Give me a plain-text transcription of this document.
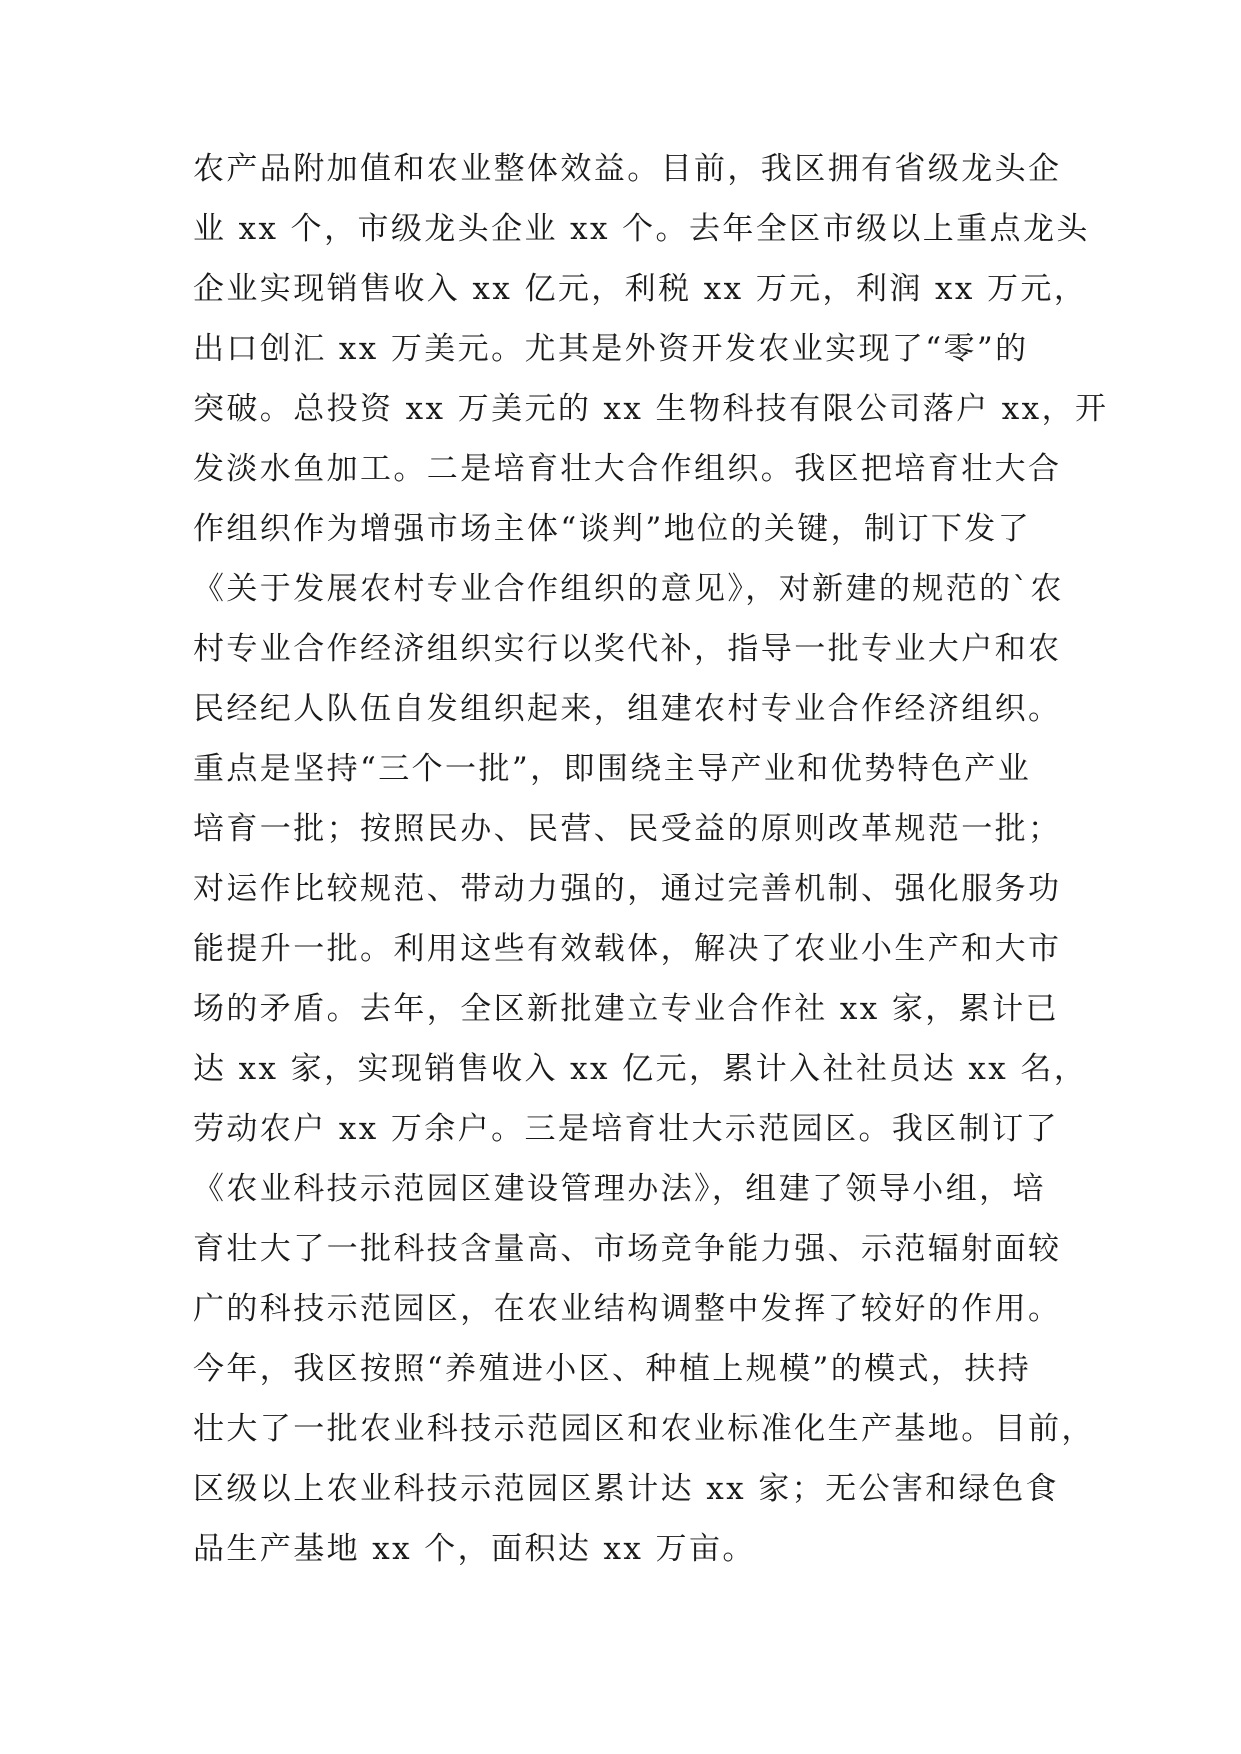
农产品附加值和农业整体效益。目前，我区拥有省级龙头企
业 xx 个，市级龙头企业 xx 个。去年全区市级以上重点龙头
企业实现销售收入 xx 亿元，利税 xx 万元，利润 xx 万元，
出口创汇 xx 万美元。尤其是外资开发农业实现了“零”的
突破。总投资 xx 万美元的 xx 生物科技有限公司落户 xx，开
发淡水鱼加工。二是培育壮大合作组织。我区把培育壮大合
作组织作为增强市场主体“谈判”地位的关键，制订下发了
《关于发展农村专业合作组织的意见》，对新建的规范的`农
村专业合作经济组织实行以奖代补，指导一批专业大户和农
民经纪人队伍自发组织起来，组建农村专业合作经济组织。
重点是坚持“三个一批”，即围绕主导产业和优势特色产业
培育一批；按照民办、民营、民受益的原则改革规范一批；
对运作比较规范、带动力强的，通过完善机制、强化服务功
能提升一批。利用这些有效载体，解决了农业小生产和大市
场的矛盾。去年，全区新批建立专业合作社 xx 家，累计已
达 xx 家，实现销售收入 xx 亿元，累计入社社员达 xx 名，
劳动农户 xx 万余户。三是培育壮大示范园区。我区制订了
《农业科技示范园区建设管理办法》，组建了领导小组，培
育壮大了一批科技含量高、市场竞争能力强、示范辐射面较
广的科技示范园区，在农业结构调整中发挥了较好的作用。
今年，我区按照“养殖进小区、种植上规模”的模式，扶持
壮大了一批农业科技示范园区和农业标准化生产基地。目前，
区级以上农业科技示范园区累计达 xx 家；无公害和绿色食
品生产基地 xx 个，面积达 xx 万亩。
